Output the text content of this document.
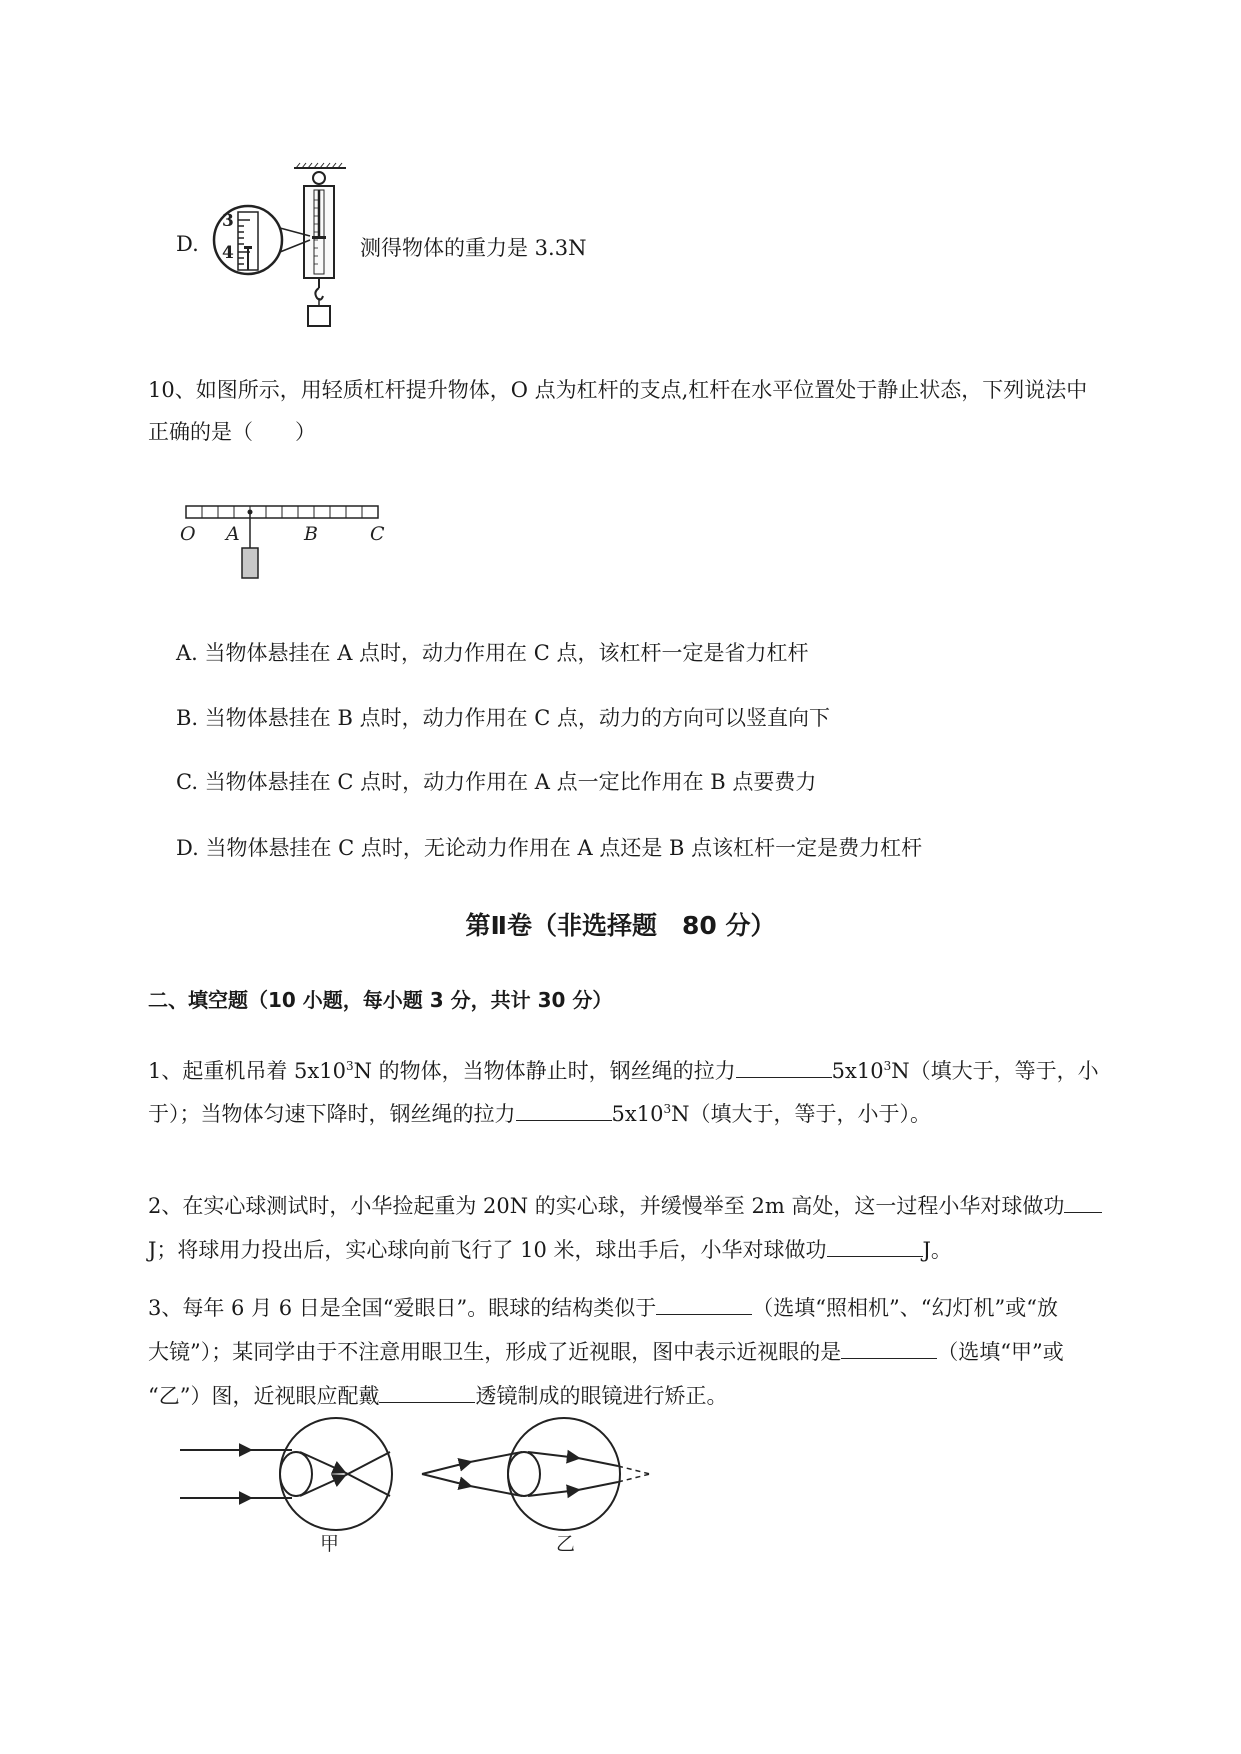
D.
3
4	测得物体的重力是 3.3N
10、如图所示，用轻质杠杆提升物体，O 点为杠杆的支点,杠杆在水平位置处于静止状态，下列说法中
正确的是（　　）
O A	B	C
A. 当物体悬挂在 A 点时，动力作用在 C 点，该杠杆一定是省力杠杆
B. 当物体悬挂在 B 点时，动力作用在 C 点，动力的方向可以竖直向下
C. 当物体悬挂在 C 点时，动力作用在 A 点一定比作用在 B 点要费力
D. 当物体悬挂在 C 点时，无论动力作用在 A 点还是 B 点该杠杆一定是费力杠杆
第Ⅱ卷（非选择题　80 分）
二、填空题（10 小题，每小题 3 分，共计 30 分）
1、起重机吊着 $5x10^3N$ 的物体，当物体静止时，钢丝绳的拉力	$5x10^3N$（填大于，等于，小
于）；当物体匀速下降时，钢丝绳的拉力	$5x10^3N$（填大于，等于，小于）。
2、在实心球测试时，小华捡起重为 20N 的实心球，并缓慢举至 2m 高处，这一过程小华对球做功
J；将球用力投出后，实心球向前飞行了 10 米，球出手后，小华对球做功	J。
3、每年 6 月 6 日是全国“爱眼日”。眼球的结构类似于	（选填“照相机”、“幻灯机”或“放
大镜”）；某同学由于不注意用眼卫生，形成了近视眼，图中表示近视眼的是	（选填“甲”或
“乙”）图，近视眼应配戴	透镜制成的眼镜进行矫正。
甲	乙
